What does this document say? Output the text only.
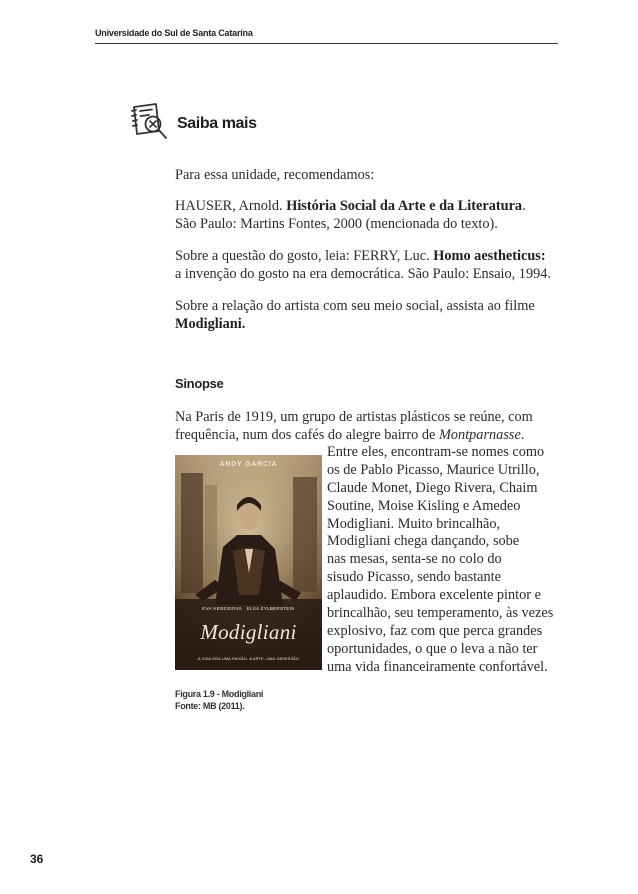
Universidade do Sul de Santa Catarina
Saiba mais
Para essa unidade, recomendamos:
HAUSER, Arnold. História Social da Arte e da Literatura.
São Paulo: Martins Fontes, 2000 (mencionada do texto).
Sobre a questão do gosto, leia: FERRY, Luc. Homo aestheticus:
a invenção do gosto na era democrática. São Paulo: Ensaio, 1994.
Sobre a relação do artista com seu meio social, assista ao filme
Modigliani.
Sinopse
Na Paris de 1919, um grupo de artistas plásticos se reúne, com
frequência, num dos cafés do alegre bairro de Montparnasse.
ANDY GARCIA
EVA HERZIGOVA ELSA ZYLBERSTEIN
Modigliani
A VIDA ERA UMA PAIXÃO. A ARTE, UMA OBSESSÃO
Entre eles, encontram-se nomes como
os de Pablo Picasso, Maurice Utrillo,
Claude Monet, Diego Rivera, Chaim
Soutine, Moise Kisling e Amedeo
Modigliani. Muito brincalhão,
Modigliani chega dançando, sobe
nas mesas, senta-se no colo do
sisudo Picasso, sendo bastante
aplaudido. Embora excelente pintor e
brincalhão, seu temperamento, às vezes
explosivo, faz com que perca grandes
oportunidades, o que o leva a não ter
uma vida financeiramente confortável.
Figura 1.9 - Modigliani
Fonte: MB (2011).
36
